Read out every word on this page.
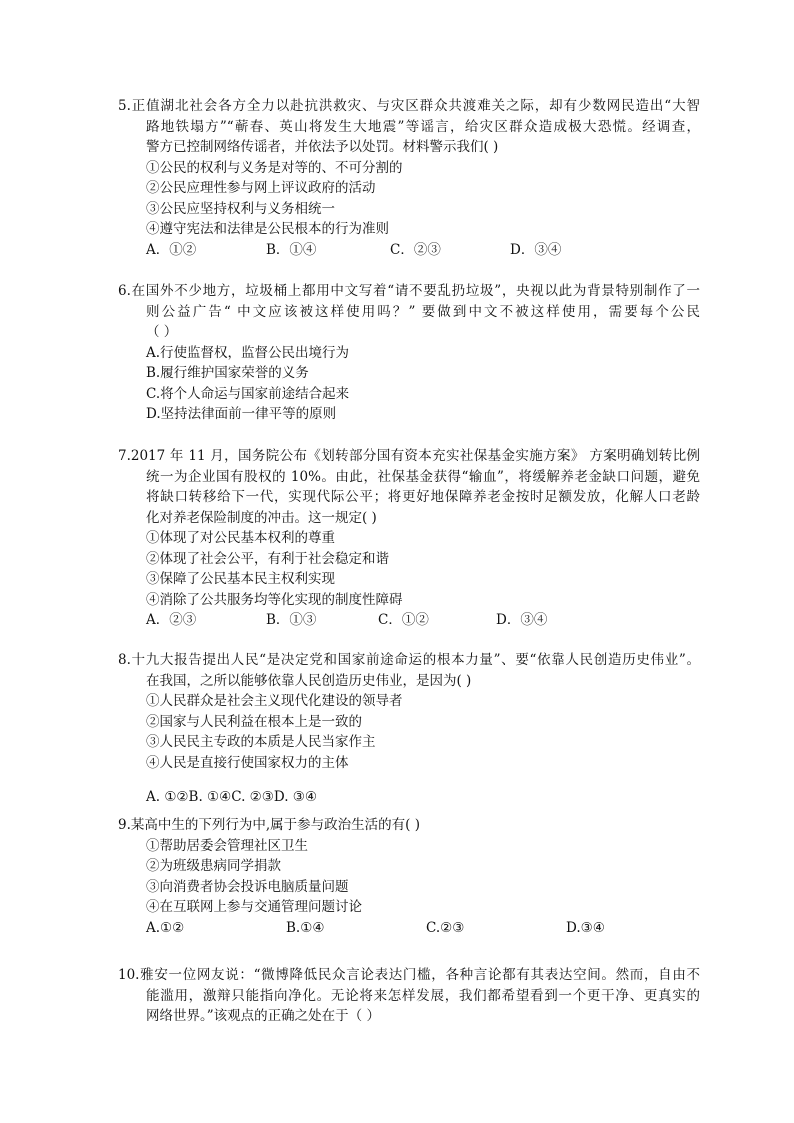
5.正值湖北社会各方全力以赴抗洪救灾、与灾区群众共渡难关之际，却有少数网民造出“大智

路地铁塌方”“蕲春、英山将发生大地震”等谣言，给灾区群众造成极大恐慌。经调查，

警方已控制网络传谣者，并依法予以处罚。材料警示我们( )

①公民的权利与义务是对等的、不可分割的

②公民应理性参与网上评议政府的活动

③公民应坚持权利与义务相统一

④遵守宪法和法律是公民根本的行为准则

A．①②	B．①④	C．②③	D．③④

6.在国外不少地方，垃圾桶上都用中文写着“请不要乱扔垃圾”，央视以此为背景特别制作了一

则公益广告“ 中文应该被这样使用吗？” 要做到中文不被这样使用，需要每个公民

（ ）

A.行使监督权，监督公民出境行为

B.履行维护国家荣誉的义务

C.将个人命运与国家前途结合起来

D.坚持法律面前一律平等的原则

7.2017 年 11 月，国务院公布《划转部分国有资本充实社保基金实施方案》 方案明确划转比例

统一为企业国有股权的 10%。由此，社保基金获得“输血”，将缓解养老金缺口问题，避免

将缺口转移给下一代，实现代际公平；将更好地保障养老金按时足额发放，化解人口老龄

化对养老保险制度的冲击。这一规定( )

①体现了对公民基本权利的尊重

②体现了社会公平，有利于社会稳定和谐

③保障了公民基本民主权利实现

④消除了公共服务均等化实现的制度性障碍

A．②③	B．①③	C．①②	D．③④

8.十九大报告提出人民“是决定党和国家前途命运的根本力量”、要“依靠人民创造历史伟业”。

在我国，之所以能够依靠人民创造历史伟业，是因为( )

①人民群众是社会主义现代化建设的领导者

②国家与人民利益在根本上是一致的

③人民民主专政的本质是人民当家作主

④人民是直接行使国家权力的主体

A. ①②B. ①④C. ②③D. ③④

9.某高中生的下列行为中,属于参与政治生活的有( )

①帮助居委会管理社区卫生

②为班级患病同学捐款

③向消费者协会投诉电脑质量问题

④在互联网上参与交通管理问题讨论

A.①②	B.①④	C.②③	D.③④

10.雅安一位网友说：“微博降低民众言论表达门槛，各种言论都有其表达空间。然而，自由不

能滥用，激辩只能指向净化。无论将来怎样发展，我们都希望看到一个更干净、更真实的

网络世界。”该观点的正确之处在于（ ）
